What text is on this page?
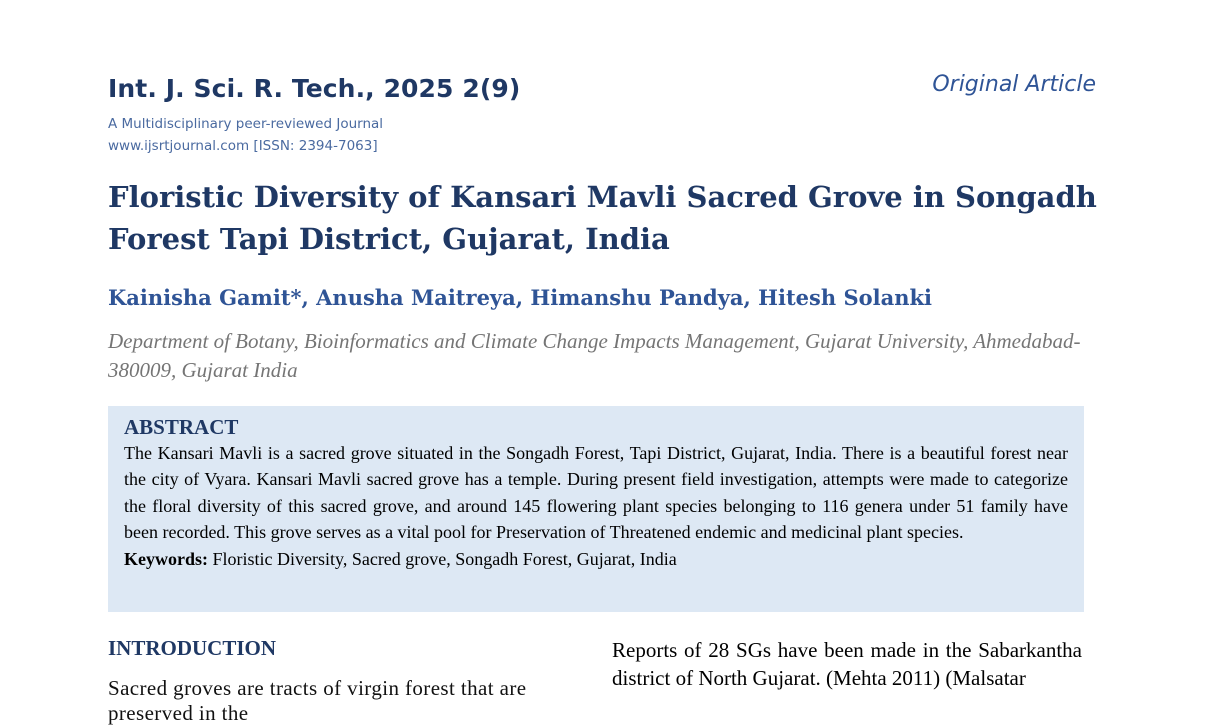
Int. J. Sci. R. Tech., 2025 2(9)
A Multidisciplinary peer-reviewed Journal
www.ijsrtjournal.com [ISSN: 2394-7063]
Original Article
Floristic Diversity of Kansari Mavli Sacred Grove in Songadh Forest Tapi District, Gujarat, India
Kainisha Gamit*, Anusha Maitreya, Himanshu Pandya, Hitesh Solanki
Department of Botany, Bioinformatics and Climate Change Impacts Management, Gujarat University, Ahmedabad-380009, Gujarat India
ABSTRACT

The Kansari Mavli is a sacred grove situated in the Songadh Forest, Tapi District, Gujarat, India. There is a beautiful forest near the city of Vyara. Kansari Mavli sacred grove has a temple. During present field investigation, attempts were made to categorize the floral diversity of this sacred grove, and around 145 flowering plant species belonging to 116 genera under 51 family have been recorded. This grove serves as a vital pool for Preservation of Threatened endemic and medicinal plant species.

Keywords: Floristic Diversity, Sacred grove, Songadh Forest, Gujarat, India
INTRODUCTION
Sacred groves are tracts of virgin forest that are preserved in the

Reports of 28 SGs have been made in the Sabarkantha district of North Gujarat. (Mehta 2011) (Malsatar
